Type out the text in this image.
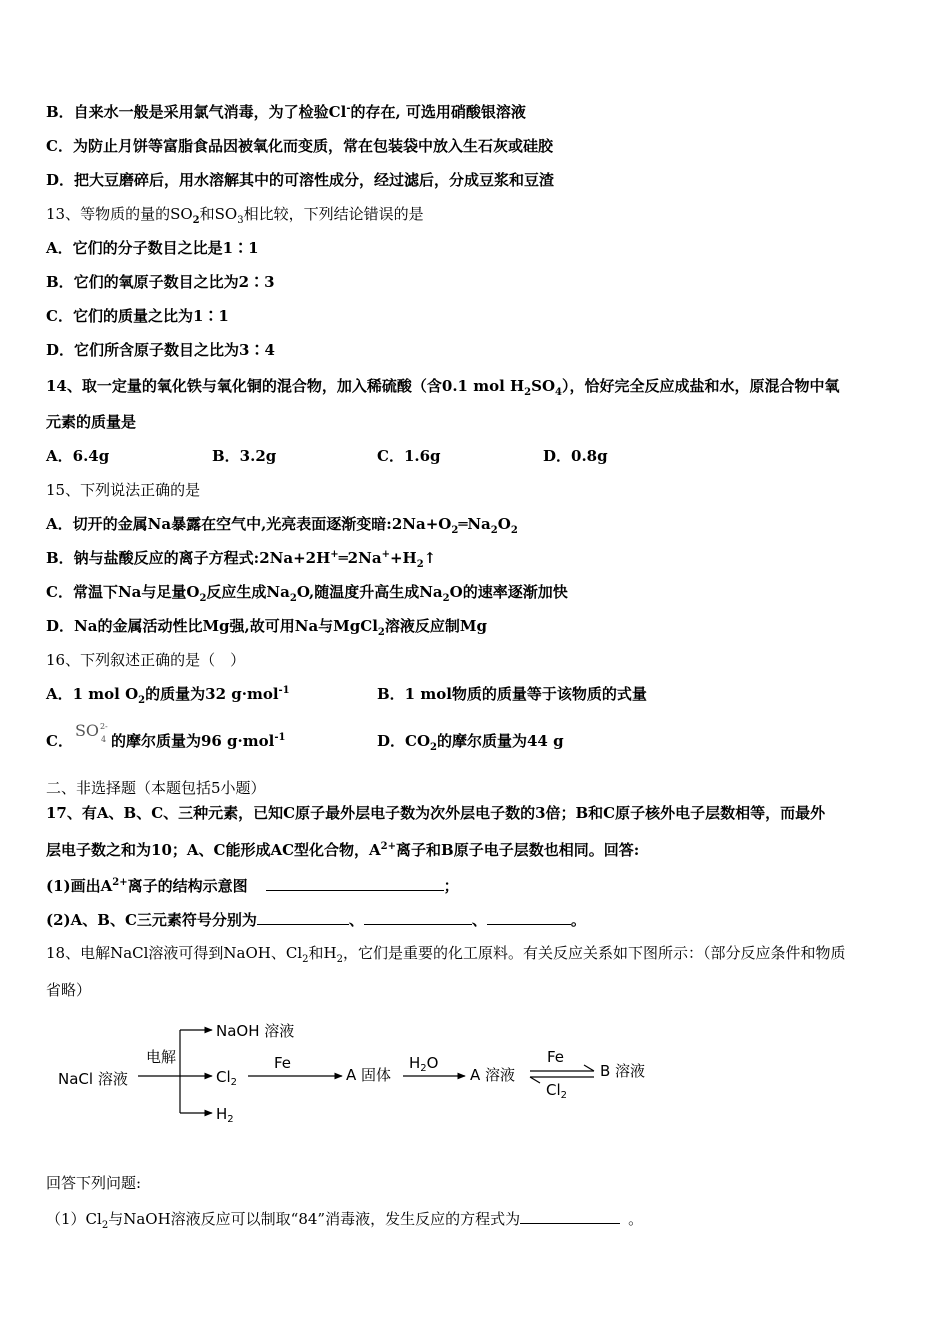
B．自来水一般是采用氯气消毒，为了检验Cl-的存在, 可选用硝酸银溶液
C．为防止月饼等富脂食品因被氧化而变质，常在包装袋中放入生石灰或硅胶
D．把大豆磨碎后，用水溶解其中的可溶性成分，经过滤后，分成豆浆和豆渣
13、等物质的量的$SO_2$和$SO_3$相比较，下列结论错误的是
A．它们的分子数目之比是1∶1
B．它们的氧原子数目之比为2∶3
C．它们的质量之比为1∶1
D．它们所含原子数目之比为3∶4
14、取一定量的氧化铁与氧化铜的混合物，加入稀硫酸（含0.1 mol $H_2SO_4$），恰好完全反应成盐和水，原混合物中氧
元素的质量是
A．6.4g	B．3.2g	C．1.6g	D．0.8g
15、下列说法正确的是
A．切开的金属Na暴露在空气中,光亮表面逐渐变暗$:2Na+O_2═Na_2O_2$
B．钠与盐酸反应的离子方程式$:2Na+2H^+═2Na^++H_2↑$
C．常温下Na与足量$O_2$反应生成$Na_2O$,随温度升高生成$Na_2O$的速率逐渐加快
D．Na的金属活动性比Mg强,故可用Na与MgCl$_2$溶液反应制Mg
16、下列叙述正确的是（　）
A．1 mol $O_2$的质量为32 g·mol$^{-1}$	B．1 mol物质的质量等于该物质的式量
C．
SO 2-
4 的摩尔质量为96 g·mol$^{-1}$	D．$CO_2$的摩尔质量为44 g
二、非选择题（本题包括5小题）
17、有A、B、C、三种元素，已知C原子最外层电子数为次外层电子数的3倍；B和C原子核外电子层数相等，而最外
层电子数之和为10；A、C能形成AC型化合物，$A^{2+}$离子和B原子电子层数也相同。回答:
(1)画出$A^{2+}$离子的结构示意图	；
(2)A、B、C三元素符号分别为	、	、	。
18、电解NaCl溶液可得到NaOH、$Cl_2$和$H_2$，它们是重要的化工原料。有关反应关系如下图所示：（部分反应条件和物质
省略）
NaCl 溶液
电解
NaOH 溶液
$Cl_2$
$H_2$
Fe
A 固体
$H_2O$
A 溶液
Fe
$Cl_2$
B 溶液
回答下列问题:
$(1)Cl_2$与NaOH溶液反应可以制取“84”消毒液，发生反应的方程式为	。
